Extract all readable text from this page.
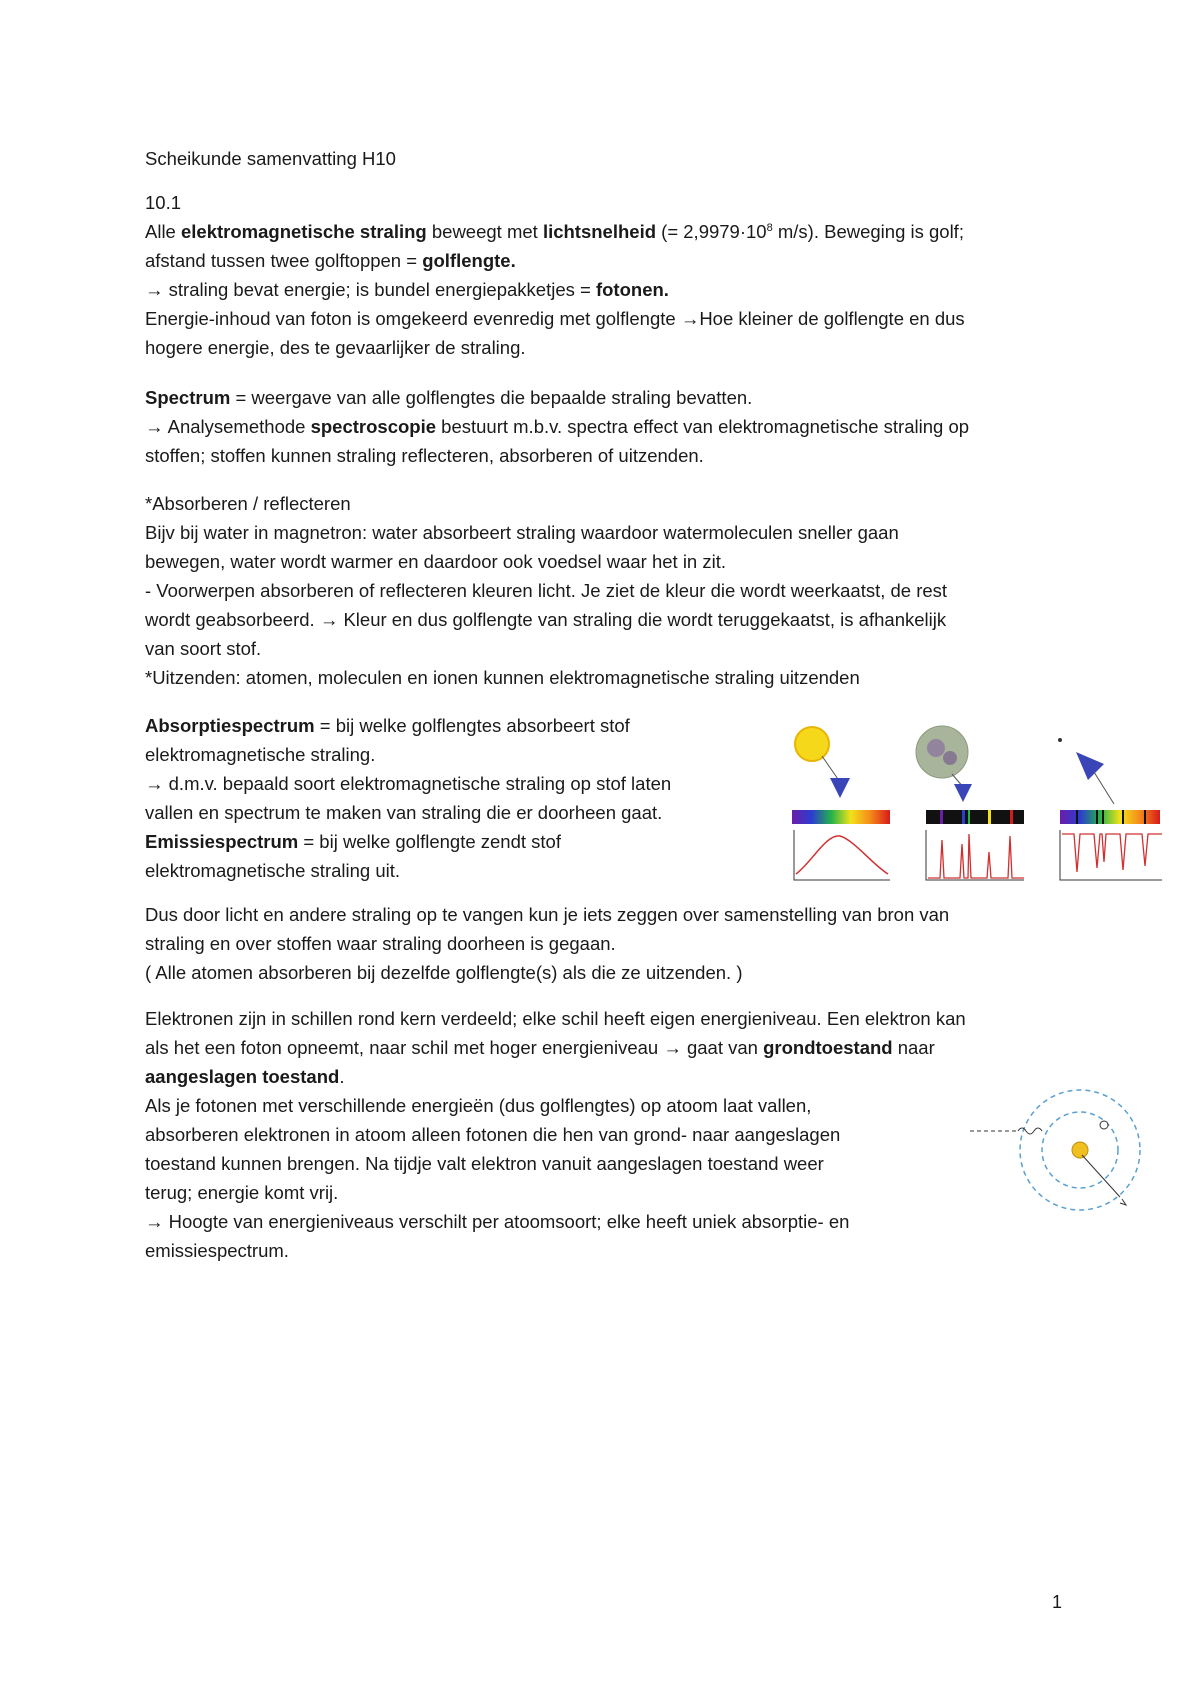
Scheikunde samenvatting H10

10.1

Alle elektromagnetische straling beweegt met lichtsnelheid (= $2,9979\cdot 10^8$ m/s). Beweging is golf;

afstand tussen twee golftoppen = golflengte.

→ straling bevat energie; is bundel energiepakketjes = fotonen.

Energie-inhoud van foton is omgekeerd evenredig met golflengte →Hoe kleiner de golflengte en dus

hogere energie, des te gevaarlijker de straling.

Spectrum = weergave van alle golflengtes die bepaalde straling bevatten.

→ Analysemethode spectroscopie bestuurt m.b.v. spectra effect van elektromagnetische straling op

stoffen; stoffen kunnen straling reflecteren, absorberen of uitzenden.

*Absorberen / reflecteren

Bijv bij water in magnetron: water absorbeert straling waardoor watermoleculen sneller gaan

bewegen, water wordt warmer en daardoor ook voedsel waar het in zit.

- Voorwerpen absorberen of reflecteren kleuren licht. Je ziet de kleur die wordt weerkaatst, de rest

wordt geabsorbeerd. → Kleur en dus golflengte van straling die wordt teruggekaatst, is afhankelijk

van soort stof.

*Uitzenden: atomen, moleculen en ionen kunnen elektromagnetische straling uitzenden

Absorptiespectrum = bij welke golflengtes absorbeert stof

elektromagnetische straling.

→ d.m.v. bepaald soort elektromagnetische straling op stof laten

vallen en spectrum te maken van straling die er doorheen gaat.

Emissiespectrum = bij welke golflengte zendt stof

elektromagnetische straling uit.

Dus door licht en andere straling op te vangen kun je iets zeggen over samenstelling van bron van

straling en over stoffen waar straling doorheen is gegaan.

( Alle atomen absorberen bij dezelfde golflengte(s) als die ze uitzenden. )

Elektronen zijn in schillen rond kern verdeeld; elke schil heeft eigen energieniveau. Een elektron kan

als het een foton opneemt, naar schil met hoger energieniveau → gaat van grondtoestand naar

aangeslagen toestand.

Als je fotonen met verschillende energieën (dus golflengtes) op atoom laat vallen,

absorberen elektronen in atoom alleen fotonen die hen van grond- naar aangeslagen

toestand kunnen brengen. Na tijdje valt elektron vanuit aangeslagen toestand weer

terug; energie komt vrij.

→ Hoogte van energieniveaus verschilt per atoomsoort; elke heeft uniek absorptie- en

emissiespectrum.

1
